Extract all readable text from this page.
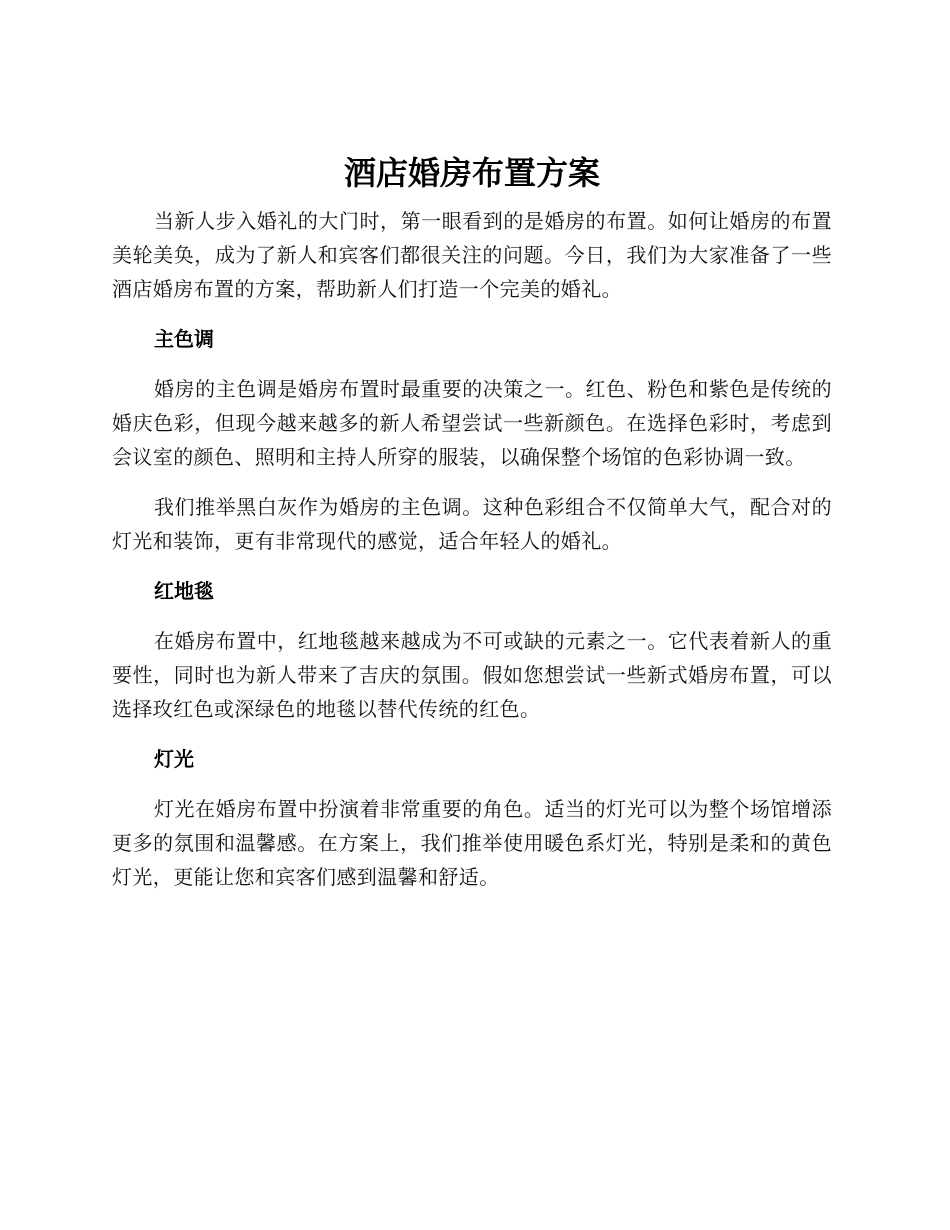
酒店婚房布置方案

当新人步入婚礼的大门时，第一眼看到的是婚房的布置。如何让婚房的布置美轮美奂，成为了新人和宾客们都很关注的问题。今日，我们为大家准备了一些酒店婚房布置的方案，帮助新人们打造一个完美的婚礼。

主色调

婚房的主色调是婚房布置时最重要的决策之一。红色、粉色和紫色是传统的婚庆色彩，但现今越来越多的新人希望尝试一些新颜色。在选择色彩时，考虑到会议室的颜色、照明和主持人所穿的服装，以确保整个场馆的色彩协调一致。

我们推举黑白灰作为婚房的主色调。这种色彩组合不仅简单大气，配合对的灯光和装饰，更有非常现代的感觉，适合年轻人的婚礼。

红地毯

在婚房布置中，红地毯越来越成为不可或缺的元素之一。它代表着新人的重要性，同时也为新人带来了吉庆的氛围。假如您想尝试一些新式婚房布置，可以选择玫红色或深绿色的地毯以替代传统的红色。

灯光

灯光在婚房布置中扮演着非常重要的角色。适当的灯光可以为整个场馆增添更多的氛围和温馨感。在方案上，我们推举使用暖色系灯光，特别是柔和的黄色灯光，更能让您和宾客们感到温馨和舒适。
